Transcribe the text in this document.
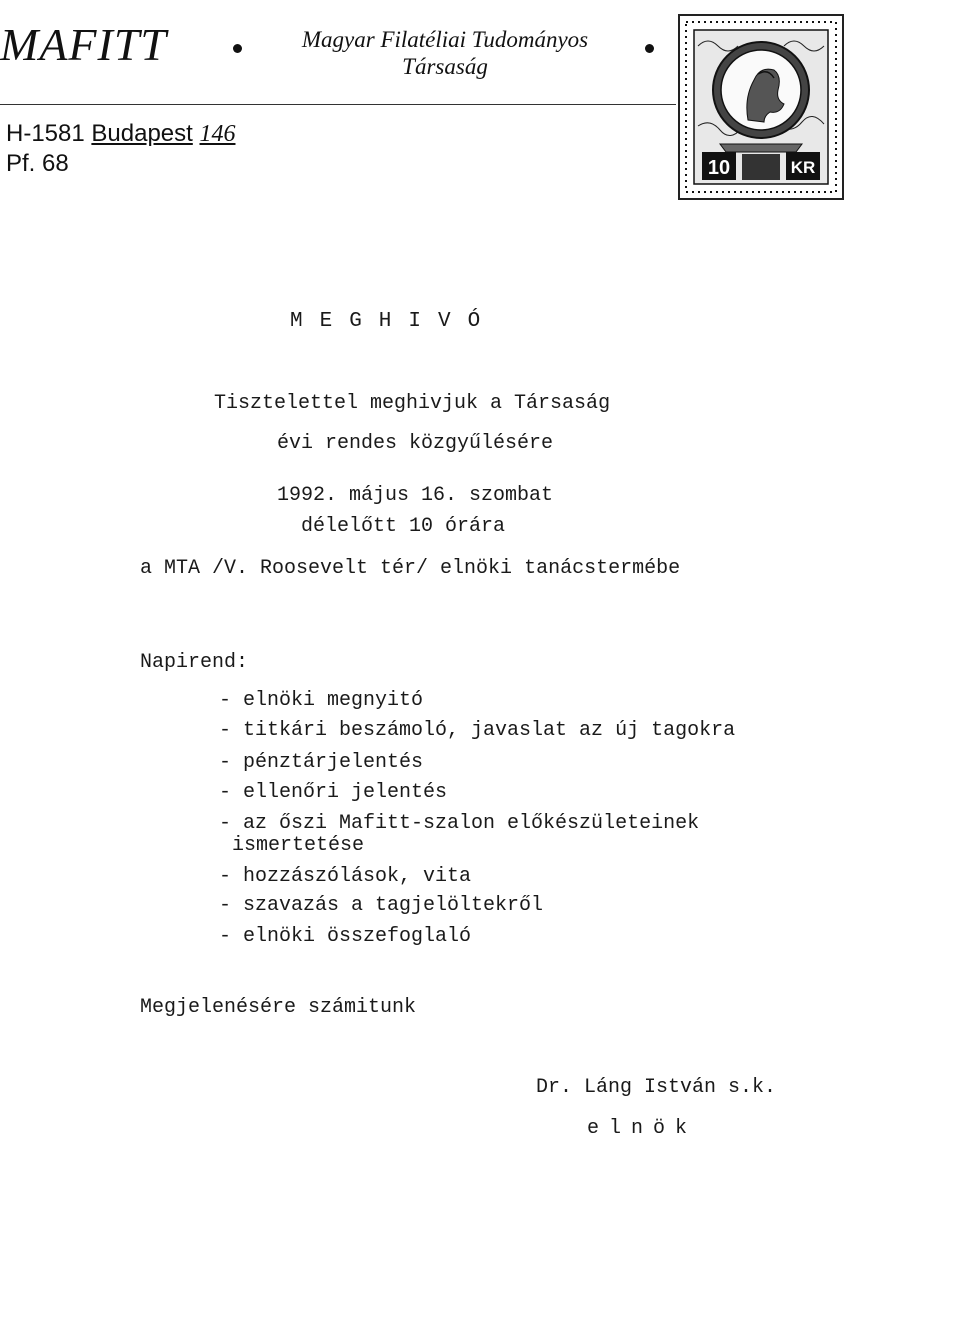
MAFITT	Magyar Filatéliai Tudományos
Társaság
H-1581 Budapest 146
Pf. 68	10	KR
MEGHIVÓ
Tisztelettel meghivjuk a Társaság
évi rendes közgyűlésére
1992. május 16. szombat
délelőtt 10 órára
a MTA /V. Roosevelt tér/ elnöki tanácstermébe
Napirend:
- elnöki megnyitó
- titkári beszámoló, javaslat az új tagokra
- pénztárjelentés
- ellenőri jelentés
- az őszi Mafitt-szalon előkészületeinek
ismertetése
- hozzászólások, vita
- szavazás a tagjelöltekről
- elnöki összefoglaló
Megjelenésére számitunk
Dr. Láng István s.k.
elnök
